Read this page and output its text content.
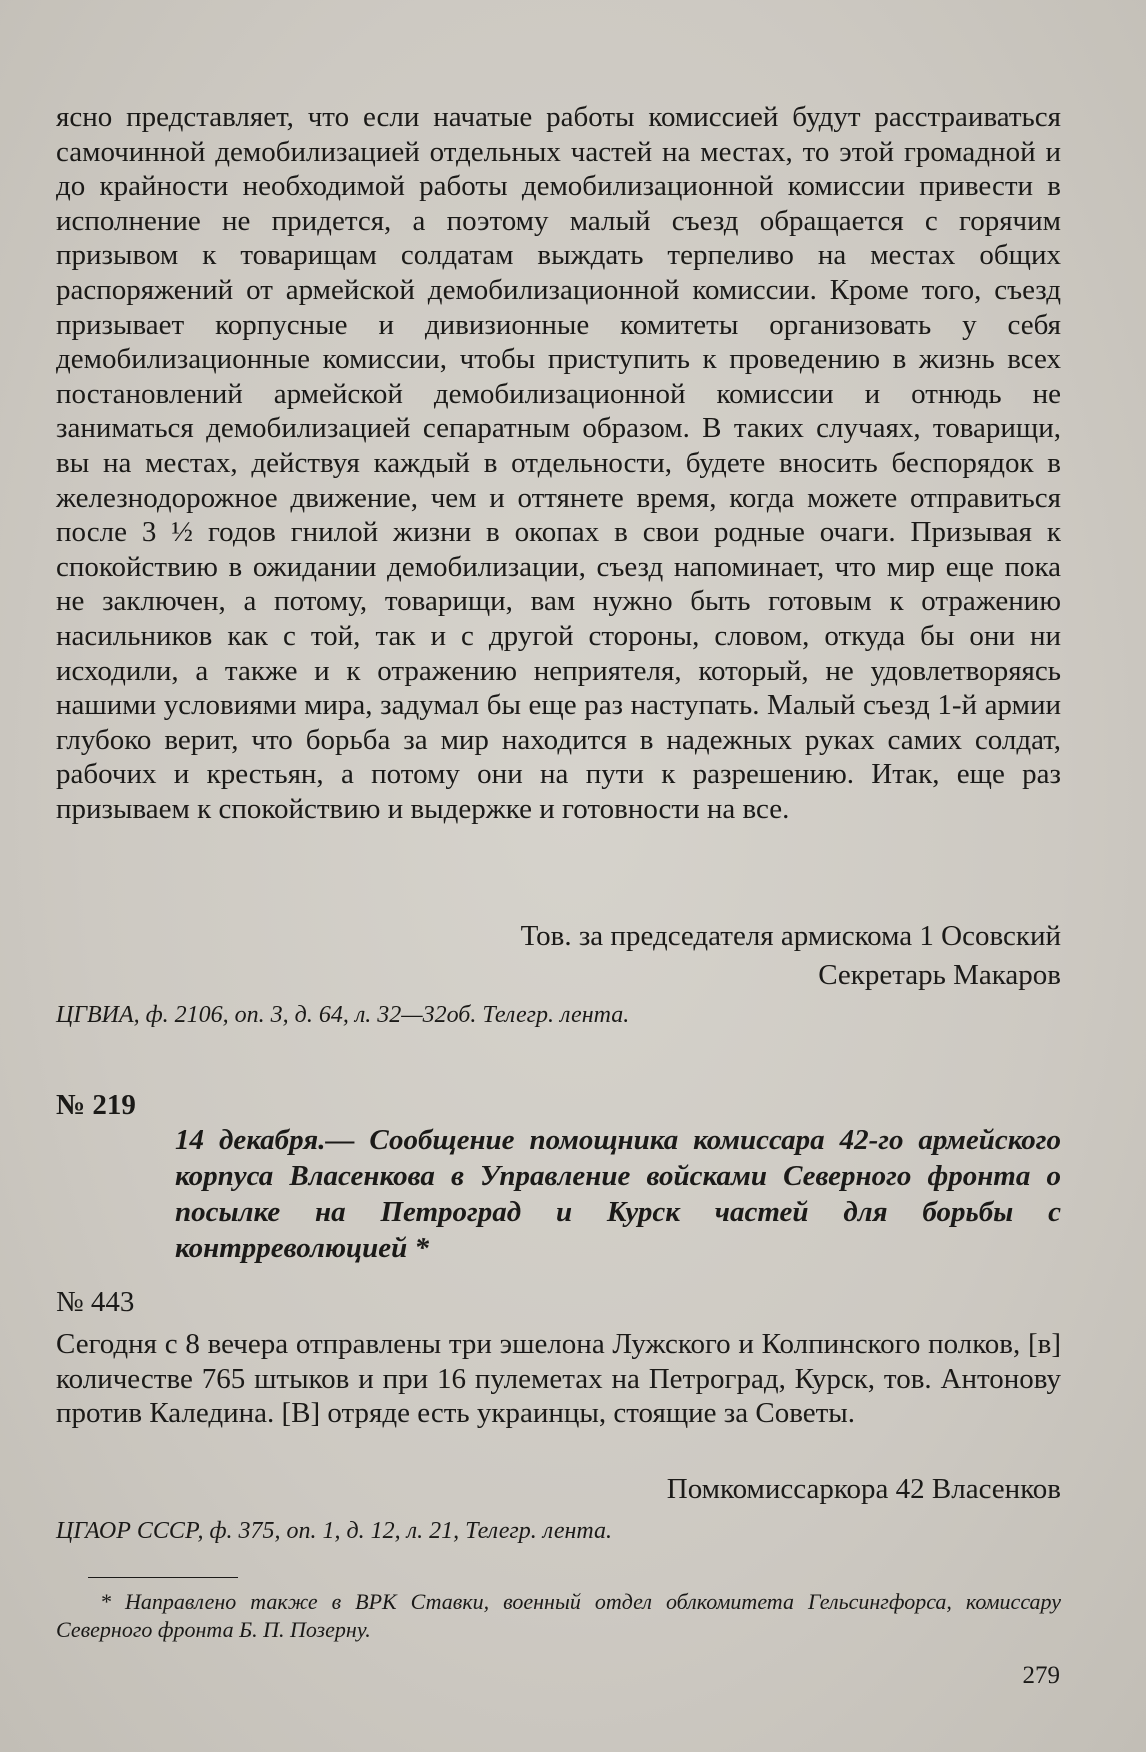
ясно представляет, что если начатые работы комиссией будут расстраиваться самочинной демобилизацией отдельных частей на местах, то этой громадной и до крайности необходимой работы демобилизационной комиссии привести в исполнение не придется, а поэтому малый съезд обращается с горячим призывом к товарищам солдатам выждать терпеливо на местах общих распоряжений от армейской демобилизационной комиссии. Кроме того, съезд призывает корпусные и дивизионные комитеты организовать у себя демобилизационные комиссии, чтобы приступить к проведению в жизнь всех постановлений армейской демобилизационной комиссии и отнюдь не заниматься демобилизацией сепаратным образом. В таких случаях, товарищи, вы на местах, действуя каждый в отдельности, будете вносить беспорядок в железнодорожное движение, чем и оттянете время, когда можете отправиться после 3 ½ годов гнилой жизни в окопах в свои родные очаги. Призывая к спокойствию в ожидании демобилизации, съезд напоминает, что мир еще пока не заключен, а потому, товарищи, вам нужно быть готовым к отражению насильников как с той, так и с другой стороны, словом, откуда бы они ни исходили, а также и к отражению неприятеля, который, не удовлетворяясь нашими условиями мира, задумал бы еще раз наступать. Малый съезд 1-й армии глубоко верит, что борьба за мир находится в надежных руках самих солдат, рабочих и крестьян, а потому они на пути к разрешению. Итак, еще раз призываем к спокойствию и выдержке и готовности на все.

Тов. за председателя армискома 1 Осовский

Секретарь Макаров

ЦГВИА, ф. 2106, оп. 3, д. 64, л. 32—32об. Телегр. лента.

№ 219

14 декабря.— Сообщение помощника комиссара 42-го армейского корпуса Власенкова в Управление войсками Северного фронта о посылке на Петроград и Курск частей для борьбы с контрреволюцией *

№ 443

Сегодня с 8 вечера отправлены три эшелона Лужского и Колпинского полков, [в] количестве 765 штыков и при 16 пулеметах на Петроград, Курск, тов. Антонову против Каледина. [В] отряде есть украинцы, стоящие за Советы.

Помкомиссаркора 42 Власенков

ЦГАОР СССР, ф. 375, оп. 1, д. 12, л. 21, Телегр. лента.

* Направлено также в ВРК Ставки, военный отдел облкомитета Гельсингфорса, комиссару Северного фронта Б. П. Позерну.

279
